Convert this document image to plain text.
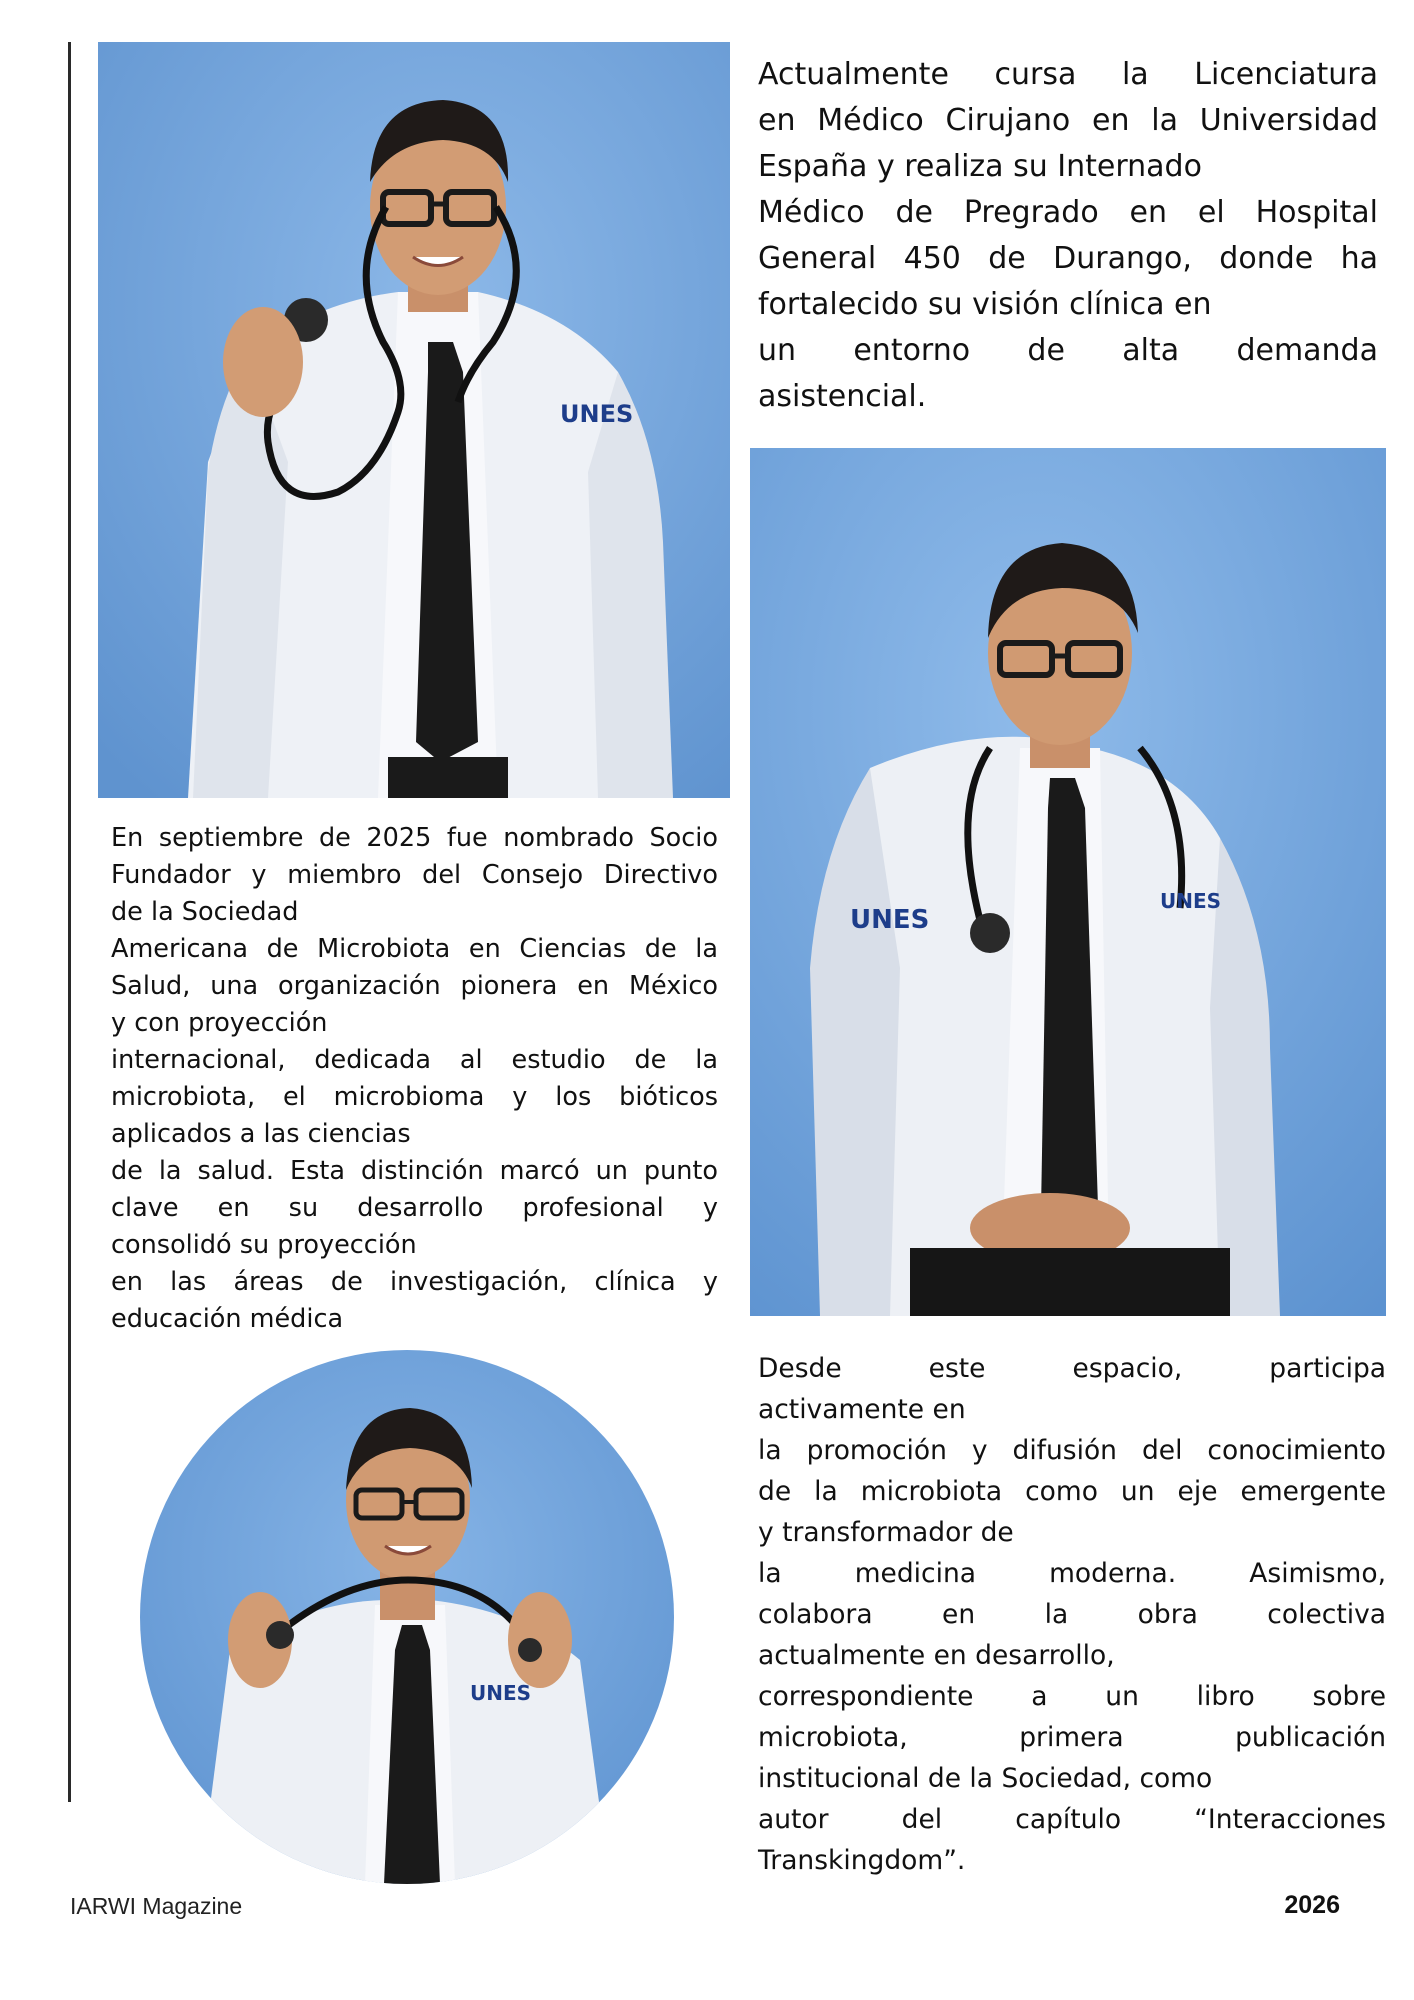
UNES
UNES
UNES
UNES

Actualmente cursa la Licenciatura

en Médico Cirujano en la Universidad

España y realiza su Internado

Médico de Pregrado en el Hospital

General 450 de Durango, donde ha

fortalecido su visión clínica en

un entorno de alta demanda

asistencial.

En septiembre de 2025 fue nombrado Socio

Fundador y miembro del Consejo Directivo

de la Sociedad

Americana de Microbiota en Ciencias de la

Salud, una organización pionera en México

y con proyección

internacional, dedicada al estudio de la

microbiota, el microbioma y los bióticos

aplicados a las ciencias

de la salud. Esta distinción marcó un punto

clave en su desarrollo profesional y

consolidó su proyección

en las áreas de investigación, clínica y

educación médica

Desde este espacio, participa

activamente en

la promoción y difusión del conocimiento

de la microbiota como un eje emergente

y transformador de

la medicina moderna. Asimismo,

colabora en la obra colectiva

actualmente en desarrollo,

correspondiente a un libro sobre

microbiota, primera publicación

institucional de la Sociedad, como

autor del capítulo “Interacciones

Transkingdom”.

IARWI Magazine	2026
